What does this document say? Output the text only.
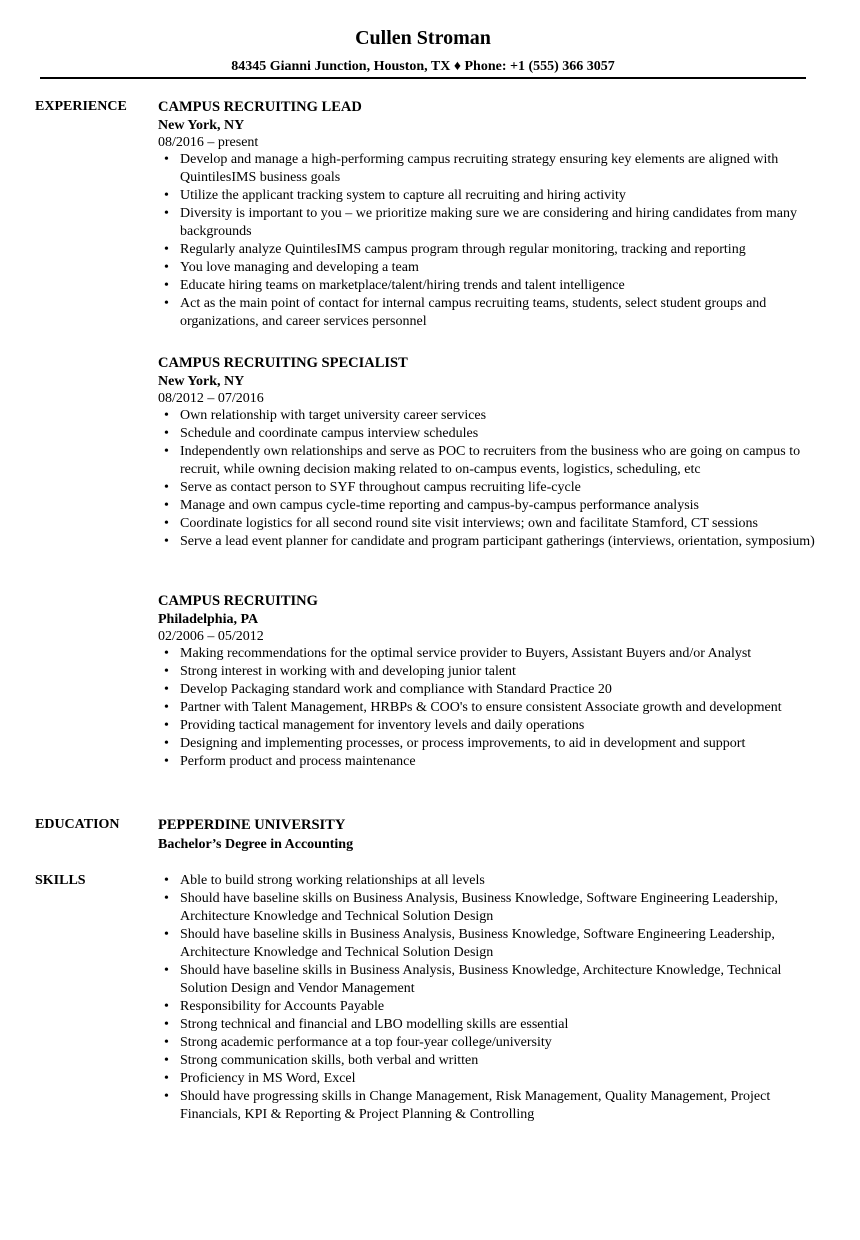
Cullen Stroman
84345 Gianni Junction, Houston, TX ♦ Phone: +1 (555) 366 3057
EXPERIENCE CAMPUS RECRUITING LEAD
New York, NY
08/2016 – present
• Develop and manage a high-performing campus recruiting strategy ensuring key elements are aligned with QuintilesIMS business goals
• Utilize the applicant tracking system to capture all recruiting and hiring activity
• Diversity is important to you – we prioritize making sure we are considering and hiring candidates from many backgrounds
• Regularly analyze QuintilesIMS campus program through regular monitoring, tracking and reporting
• You love managing and developing a team
• Educate hiring teams on marketplace/talent/hiring trends and talent intelligence
• Act as the main point of contact for internal campus recruiting teams, students, select student groups and organizations, and career services personnel
CAMPUS RECRUITING SPECIALIST
New York, NY
08/2012 – 07/2016
• Own relationship with target university career services
• Schedule and coordinate campus interview schedules
• Independently own relationships and serve as POC to recruiters from the business who are going on campus to recruit, while owning decision making related to on-campus events, logistics, scheduling, etc
• Serve as contact person to SYF throughout campus recruiting life-cycle
• Manage and own campus cycle-time reporting and campus-by-campus performance analysis
• Coordinate logistics for all second round site visit interviews; own and facilitate Stamford, CT sessions
• Serve a lead event planner for candidate and program participant gatherings (interviews, orientation, symposium)
CAMPUS RECRUITING
Philadelphia, PA
02/2006 – 05/2012
• Making recommendations for the optimal service provider to Buyers, Assistant Buyers and/or Analyst
• Strong interest in working with and developing junior talent
• Develop Packaging standard work and compliance with Standard Practice 20
• Partner with Talent Management, HRBPs & COO's to ensure consistent Associate growth and development
• Providing tactical management for inventory levels and daily operations
• Designing and implementing processes, or process improvements, to aid in development and support
• Perform product and process maintenance
EDUCATION	PEPPERDINE UNIVERSITY
Bachelor’s Degree in Accounting
SKILLS
•	Able to build strong working relationships at all levels
• Should have baseline skills on Business Analysis, Business Knowledge, Software Engineering Leadership, Architecture Knowledge and Technical Solution Design
• Should have baseline skills in Business Analysis, Business Knowledge, Software Engineering Leadership, Architecture Knowledge and Technical Solution Design
• Should have baseline skills in Business Analysis, Business Knowledge, Architecture Knowledge, Technical Solution Design and Vendor Management
• Responsibility for Accounts Payable
• Strong technical and financial and LBO modelling skills are essential
• Strong academic performance at a top four-year college/university
• Strong communication skills, both verbal and written
• Proficiency in MS Word, Excel
• Should have progressing skills in Change Management, Risk Management, Quality Management, Project Financials, KPI & Reporting & Project Planning & Controlling
